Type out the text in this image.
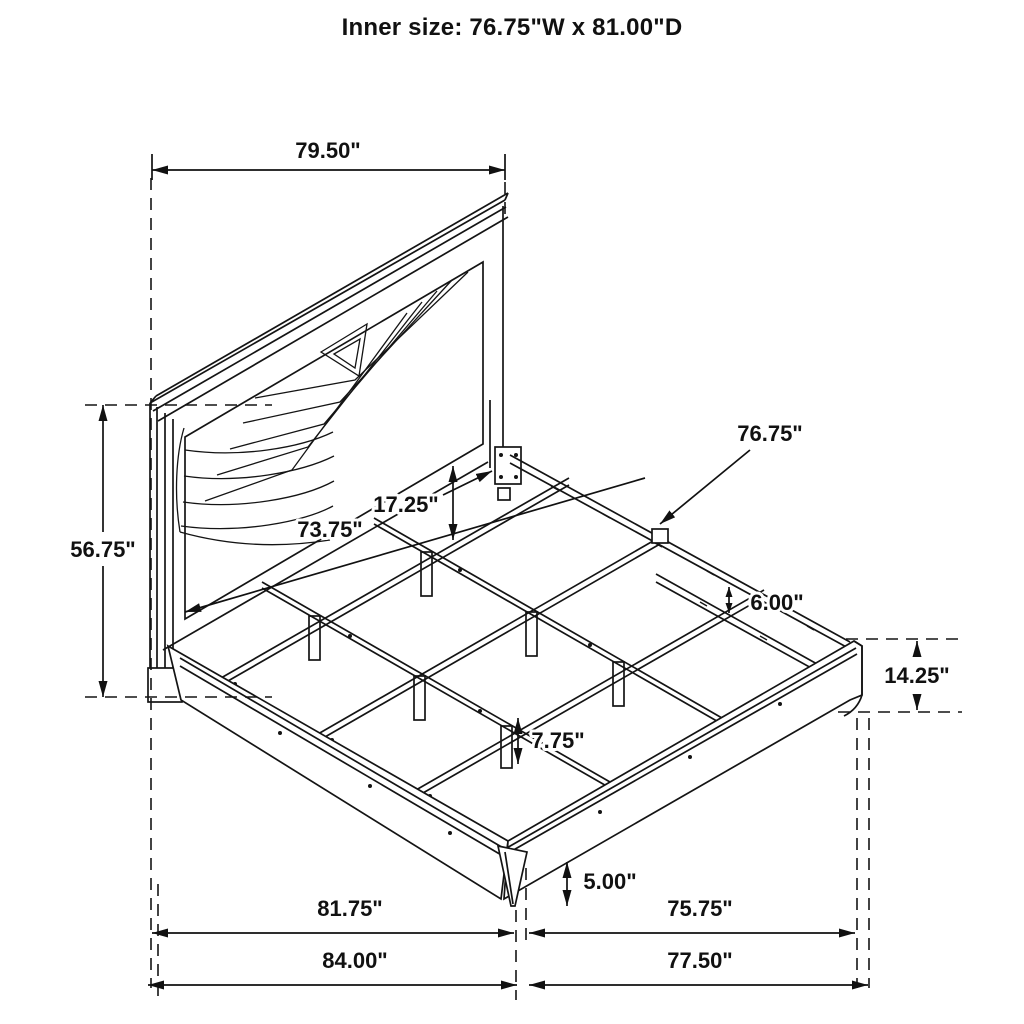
Inner size: 76.75"W x 81.00"D
79.50"
56.75"
17.25"
73.75"
76.75"
6.00"
14.25"
7.75"
5.00"
81.75"	75.75"
84.00"	77.50"
